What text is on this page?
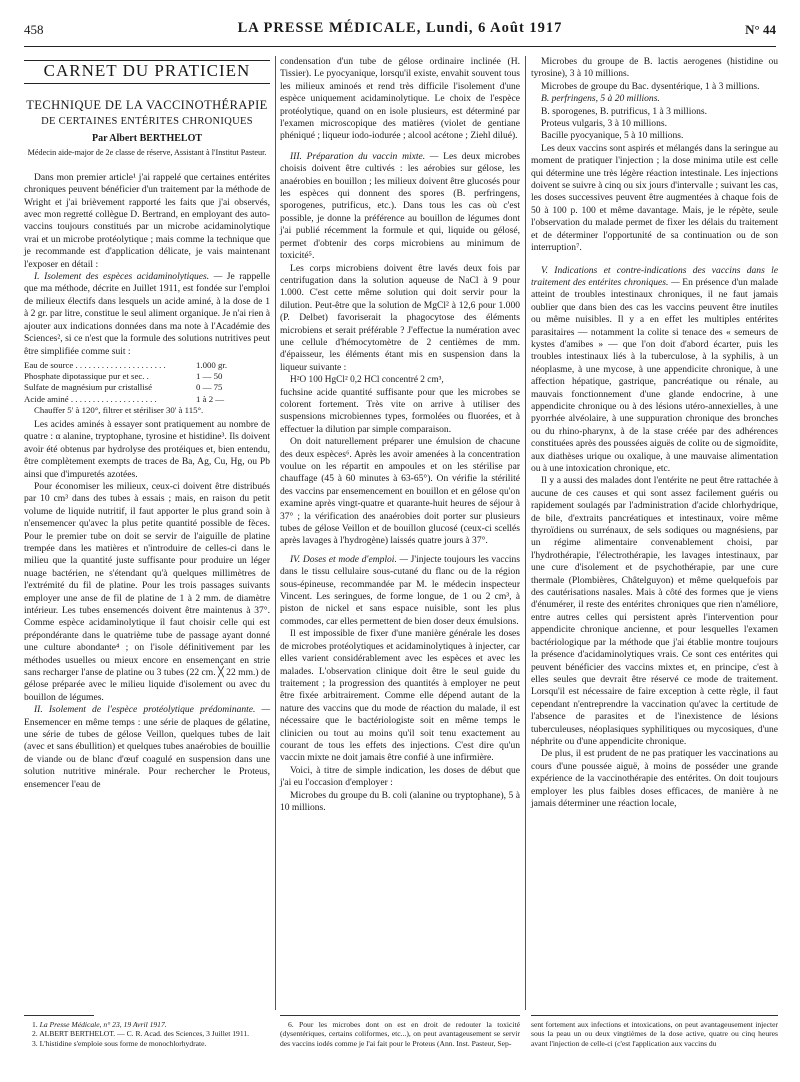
458	LA PRESSE MÉDICALE, Lundi, 6 Août 1917	N° 44
CARNET DU PRATICIEN
TECHNIQUE DE LA VACCINOTHÉRAPIE
DE CERTAINES ENTÉRITES CHRONIQUES
Par Albert BERTHELOT
Médecin aide-major de 2e classe de réserve, Assistant à l'Institut Pasteur.

Dans mon premier article¹ j'ai rappelé que certaines entérites chroniques peuvent bénéficier d'un traitement par la méthode de Wright et j'ai brièvement rapporté les faits que j'ai observés, avec mon regretté collègue D. Bertrand, en employant des auto-vaccins toujours constitués par un microbe acidaminolytique vrai et un microbe protéolytique ; mais comme la technique que je recommande est d'application délicate, je vais maintenant l'exposer en détail :

I. Isolement des espèces acidaminolytiques. — Je rappelle que ma méthode, décrite en Juillet 1911, est fondée sur l'emploi de milieux électifs dans lesquels un acide aminé, à la dose de 1 à 2 gr. par litre, constitue le seul aliment organique. Je n'ai rien à ajouter aux indications données dans ma note à l'Académie des Sciences², si ce n'est que la formule des solutions nutritives peut être simplifiée comme suit :

Eau de source . . . . . . . . . . . . . . . . . . . . .	1.000 gr.
Phosphate dipotassique pur et sec. .	1 — 50
Sulfate de magnésium pur cristallisé	0 — 75
Acide aminé . . . . . . . . . . . . . . . . . . . .	1 à 2 —
Chauffer 5' à 120°, filtrer et stériliser 30' à 115°.

Les acides aminés à essayer sont pratiquement au nombre de quatre : α alanine, tryptophane, tyrosine et histidine³. Ils doivent avoir été obtenus par hydrolyse des protéiques et, bien entendu, être complètement exempts de traces de Ba, Ag, Cu, Hg, ou Pb ainsi que d'impuretés azotées.

Pour économiser les milieux, ceux-ci doivent être distribués par 10 cm³ dans des tubes à essais ; mais, en raison du petit volume de liquide nutritif, il faut apporter le plus grand soin à n'ensemencer qu'avec la plus petite quantité possible de fèces. Pour le premier tube on doit se servir de l'aiguille de platine trempée dans les matières et n'introduire de celles-ci dans le milieu que la quantité juste suffisante pour produire un léger nuage bactérien, ne s'étendant qu'à quelques millimètres de l'extrémité du fil de platine. Pour les trois passages suivants employer une anse de fil de platine de 1 à 2 mm. de diamètre intérieur. Les tubes ensemencés doivent être maintenus à 37°. Comme espèce acidaminolytique il faut choisir celle qui est prépondérante dans le quatrième tube de passage ayant donné une culture abondante⁴ ; on l'isole définitivement par les méthodes usuelles ou mieux encore en ensemençant en strie sans recharger l'anse de platine ou 3 tubes (22 cm. ╳ 22 mm.) de gélose préparée avec le milieu liquide d'isolement ou avec du bouillon de légumes.

II. Isolement de l'espèce protéolytique prédominante. — Ensemencer en même temps : une série de plaques de gélatine, une série de tubes de gélose Veillon, quelques tubes de lait (avec et sans ébullition) et quelques tubes anaérobies de bouillie de viande ou de blanc d'œuf coagulé en suspension dans une solution nutritive minérale. Pour rechercher le Proteus, ensemencer l'eau de

1. La Presse Médicale, n° 23, 19 Avril 1917.
2. ALBERT BERTHELOT. — C. R. Acad. des Sciences, 3 Juillet 1911.
3. L'histidine s'emploie sous forme de monochlorhydrate.

condensation d'un tube de gélose ordinaire inclinée (H. Tissier). Le pyocyanique, lorsqu'il existe, envahit souvent tous les milieux aminoés et rend très difficile l'isolement d'une espèce uniquement acidaminolytique. Le choix de l'espèce protéolytique, quand on en isole plusieurs, est déterminé par l'examen microscopique des matières (violet de gentiane phéniqué ; liqueur iodo-iodurée ; alcool acétone ; Ziehl dilué).

III. Préparation du vaccin mixte. — Les deux microbes choisis doivent être cultivés : les aérobies sur gélose, les anaérobies en bouillon ; les milieux doivent être glucosés pour les espèces qui donnent des spores (B. perfringens, sporogenes, putrificus, etc.). Dans tous les cas où c'est possible, je donne la préférence au bouillon de légumes dont j'ai publié récemment la formule et qui, liquide ou gélosé, permet d'obtenir des corps microbiens au minimum de toxicité⁵.

Les corps microbiens doivent être lavés deux fois par centrifugation dans la solution aqueuse de NaCl à 9 pour 1.000. C'est cette même solution qui doit servir pour la dilution. Peut-être que la solution de MgCl² à 12,6 pour 1.000 (P. Delbet) favoriserait la phagocytose des éléments microbiens et serait préférable ? J'effectue la numération avec une cellule d'hémocytomètre de 2 centièmes de mm. d'épaisseur, les éléments étant mis en suspension dans la liqueur suivante :

H²O 100 HgCl² 0,2 HCl concentré 2 cm³,

fuchsine acide quantité suffisante pour que les microbes se colorent fortement. Très vite on arrive à utiliser des suspensions microbiennes types, formolées ou fluorées, et à effectuer la dilution par simple comparaison.

On doit naturellement préparer une émulsion de chacune des deux espèces⁶. Après les avoir amenées à la concentration voulue on les répartit en ampoules et on les stérilise par chauffage (45 à 60 minutes à 63-65°). On vérifie la stérilité des vaccins par ensemencement en bouillon et en gélose qu'on examine après vingt-quatre et quarante-huit heures de séjour à 37° ; la vérification des anaérobies doit porter sur plusieurs tubes de gélose Veillon et de bouillon glucosé (ceux-ci scellés après lavages à l'hydrogène) laissés quatre jours à 37°.

IV. Doses et mode d'emploi. — J'injecte toujours les vaccins dans le tissu cellulaire sous-cutané du flanc ou de la région sous-épineuse, recommandée par M. le médecin inspecteur Vincent. Les seringues, de forme longue, de 1 ou 2 cm³, à piston de nickel et sans espace nuisible, sont les plus commodes, car elles permettent de bien doser deux émulsions.

Il est impossible de fixer d'une manière générale les doses de microbes protéolytiques et acidaminolytiques à injecter, car elles varient considérablement avec les espèces et avec les malades. L'observation clinique doit être le seul guide du traitement ; la progression des quantités à employer ne peut être fixée arbitrairement. Comme elle dépend autant de la nature des vaccins que du mode de réaction du malade, il est nécessaire que le bactériologiste soit en même temps le clinicien ou tout au moins qu'il soit tenu exactement au courant de tous les effets des injections. C'est dire qu'un vaccin mixte ne doit jamais être confié à une infirmière.

Voici, à titre de simple indication, les doses de début que j'ai eu l'occasion d'employer :

Microbes du groupe du B. coli (alanine ou tryptophane), 5 à 10 millions.

6. Pour les microbes dont on est en droit de redouter la toxicité (dysentériques, certains coliformes, etc...), on peut avantageusement se servir des vaccins iodés comme je l'ai fait pour le Proteus (Ann. Inst. Pasteur, Sep-

Microbes du groupe de B. lactis aerogenes (histidine ou tyrosine), 3 à 10 millions.

Microbes de groupe du Bac. dysentérique, 1 à 3 millions.

B. perfringens, 5 à 20 millions.

B. sporogenes, B. putrificus, 1 à 3 millions.

Proteus vulgaris, 3 à 10 millions.

Bacille pyocyanique, 5 à 10 millions.

Les deux vaccins sont aspirés et mélangés dans la seringue au moment de pratiquer l'injection ; la dose minima utile est celle qui détermine une très légère réaction intestinale. Les injections doivent se suivre à cinq ou six jours d'intervalle ; suivant les cas, les doses successives peuvent être augmentées à chaque fois de 50 à 100 p. 100 et même davantage. Mais, je le répète, seule l'observation du malade permet de fixer les délais du traitement et de déterminer l'opportunité de sa continuation ou de son interruption⁷.

V. Indications et contre-indications des vaccins dans le traitement des entérites chroniques. — En présence d'un malade atteint de troubles intestinaux chroniques, il ne faut jamais oublier que dans bien des cas les vaccins peuvent être inutiles ou même nuisibles. Il y a en effet les multiples entérites parasitaires — notamment la colite si tenace des « semeurs de kystes d'amibes » — que l'on doit d'abord écarter, puis les troubles intestinaux liés à la tuberculose, à la syphilis, à un néoplasme, à une mycose, à une appendicite chronique, à une affection hépatique, gastrique, pancréatique ou rénale, au mauvais fonctionnement d'une glande endocrine, à une appendicite chronique ou à des lésions utéro-annexielles, à une pyorrhée alvéolaire, à une suppuration chronique des bronches ou du rhino-pharynx, à de la stase créée par des adhérences constituées après des poussées aiguës de colite ou de sigmoïdite, aux diathèses urique ou oxalique, à une mauvaise alimentation ou à une intoxication chronique, etc.

Il y a aussi des malades dont l'entérite ne peut être rattachée à aucune de ces causes et qui sont assez facilement guéris ou rapidement soulagés par l'administration d'acide chlorhydrique, de bile, d'extraits pancréatiques et intestinaux, voire même thyroïdiens ou surrénaux, de sels sodiques ou magnésiens, par un régime alimentaire convenablement choisi, par l'hydrothérapie, l'électrothérapie, les lavages intestinaux, par une cure d'isolement et de psychothérapie, par une cure thermale (Plombières, Châtelguyon) et même quelquefois par des cautérisations nasales. Mais à côté des formes que je viens d'énumérer, il reste des entérites chroniques que rien n'améliore, entre autres celles qui persistent après l'intervention pour appendicite chronique ancienne, et pour lesquelles l'examen bactériologique par la méthode que j'ai établie montre toujours la présence d'acidaminolytiques vrais. Ce sont ces entérites qui peuvent bénéficier des vaccins mixtes et, en principe, c'est à elles seules que devrait être réservé ce mode de traitement. Lorsqu'il est nécessaire de faire exception à cette règle, il faut cependant n'entreprendre la vaccination qu'avec la certitude de l'absence de parasites et de l'inexistence de lésions tuberculeuses, néoplasiques syphilitiques ou mycosiques, d'une néphrite ou d'une appendicite chronique.

De plus, il est prudent de ne pas pratiquer les vaccinations au cours d'une poussée aiguë, à moins de posséder une grande expérience de la vaccinothérapie des entérites. On doit toujours employer les plus faibles doses efficaces, de manière à ne jamais déterminer une réaction locale,

sent fortement aux infections et intoxications, on peut avantageusement injecter sous la peau un ou deux vingtièmes de la dose active, quatre ou cinq heures avant l'injection de celle-ci (c'est l'application aux vaccins du
